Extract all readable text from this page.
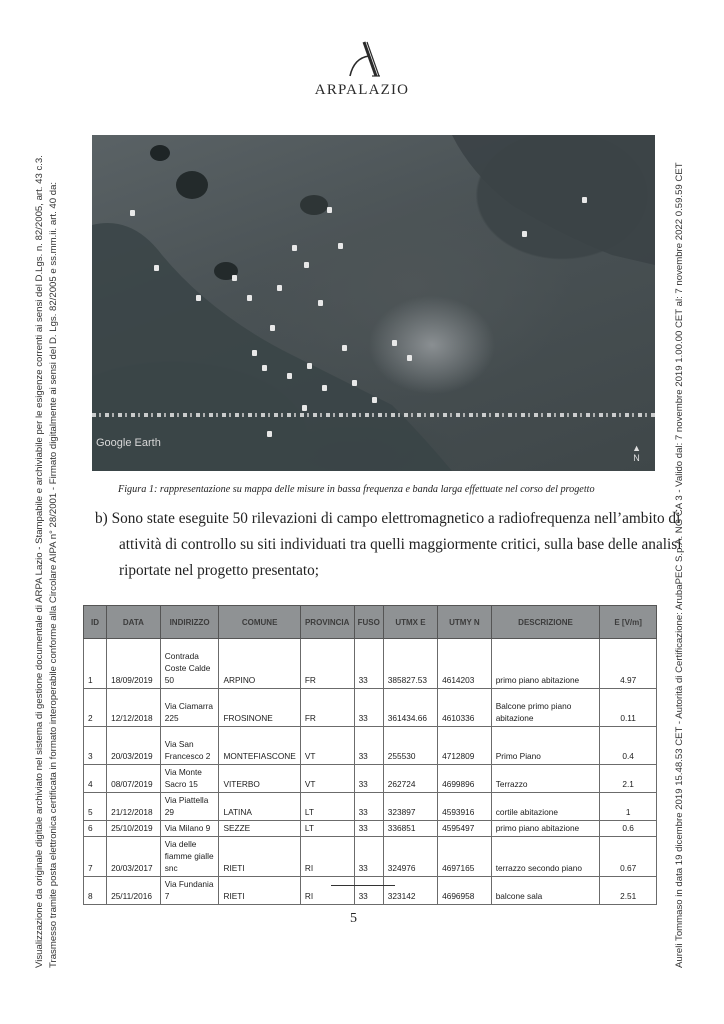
Visualizzazione da originale digitale archiviato nel sistema di gestione documentale di ARPA Lazio - Stampabile e archiviabile per le esigenze correnti ai sensi del D.Lgs. n. 82/2005, art. 43 c.3. Trasmesso tramite posta elettronica certificata in formato interoperabile conforme alla Circolare AIPA n° 28/2001 - Firmato digitalmente ai sensi del D. Lgs. 82/2005 e ss.mm.ii. art. 40 da:	Aureli Tommaso in data 19 dicembre 2019 15.48.53 CET - Autorità di Certificazione: ArubaPEC S.p.A. NG CA 3 - Valido dal: 7 novembre 2019 1.00.00 CET al: 7 novembre 2022 0.59.59 CET
ARPALAZIO
Google Earth	▲
N
Figura 1: rappresentazione su mappa delle misure in bassa frequenza e banda larga effettuate nel corso del progetto
b) Sono state eseguite 50 rilevazioni di campo elettromagnetico a radiofrequenza nell’ambito di
attività di controllo su siti individuati tra quelli maggiormente critici, sulla base delle analisi
riportate nel progetto presentato;
ID	DATA	INDIRIZZO	COMUNE	PROVINCIA	FUSO	UTMX E	UTMY N	DESCRIZIONE	E [V/m]
1	18/09/2019	Contrada Coste Calde 50	ARPINO	FR	33	385827.53	4614203	primo piano abitazione	4.97
2	12/12/2018	Via Ciamarra 225	FROSINONE	FR	33	361434.66	4610336	Balcone primo piano abitazione	0.11
3	20/03/2019	Via San Francesco 2	MONTEFIASCONE	VT	33	255530	4712809	Primo Piano	0.4
4	08/07/2019	Via Monte Sacro 15	VITERBO	VT	33	262724	4699896	Terrazzo	2.1
5	21/12/2018	Via Piattella 29	LATINA	LT	33	323897	4593916	cortile abitazione	1
6	25/10/2019	Via Milano 9	SEZZE	LT	33	336851	4595497	primo piano abitazione	0.6
7	20/03/2017	Via delle fiamme gialle snc	RIETI	RI	33	324976	4697165	terrazzo secondo piano	0.67
8	25/11/2016	Via Fundania 7	RIETI	RI	33	323142	4696958	balcone sala	2.51
5
